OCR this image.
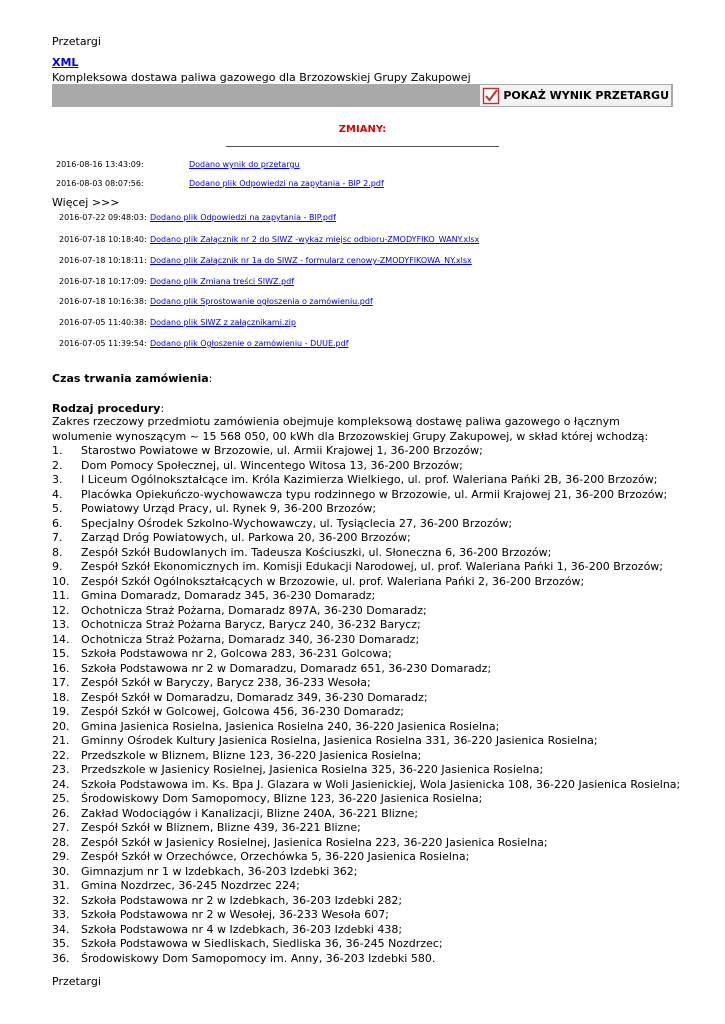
Przetargi
XML
Kompleksowa dostawa paliwa gazowego dla Brzozowskiej Grupy Zakupowej
POKAŻ WYNIK PRZETARGU
ZMIANY:
2016-08-16 13:43:09:	Dodano wynik do przetargu
2016-08-03 08:07:56:	Dodano plik Odpowiedzi na zapytania - BIP 2.pdf
Więcej >>>
2016-07-22 09:48:03: Dodano plik Odpowiedzi na zapytania - BIP.pdf
2016-07-18 10:18:40: Dodano plik Załącznik nr 2 do SIWZ -wykaz miejsc odbioru-ZMODYFIKO_WANY.xlsx
2016-07-18 10:18:11: Dodano plik Załącznik nr 1a do SIWZ - formularz cenowy-ZMODYFIKOWA_NY.xlsx
2016-07-18 10:17:09: Dodano plik Zmiana treści SIWZ.pdf
2016-07-18 10:16:38: Dodano plik Sprostowanie ogłoszenia o zamówieniu.pdf
2016-07-05 11:40:38: Dodano plik SIWZ z załącznikami.zip
2016-07-05 11:39:54: Dodano plik Ogłoszenie o zamówieniu - DUUE.pdf
Czas trwania zamówienia:
Rodzaj procedury:
Zakres rzeczowy przedmiotu zamówienia obejmuje kompleksową dostawę paliwa gazowego o łącznym wolumenie wynoszącym ~ 15 568 050, 00 kWh dla Brzozowskiej Grupy Zakupowej, w skład której wchodzą:
1. Starostwo Powiatowe w Brzozowie, ul. Armii Krajowej 1, 36-200 Brzozów;
2. Dom Pomocy Społecznej, ul. Wincentego Witosa 13, 36-200 Brzozów;
3. I Liceum Ogólnokształcące im. Króla Kazimierza Wielkiego, ul. prof. Waleriana Pańki 2B, 36-200 Brzozów;
4. Placówka Opiekuńczo-wychowawcza typu rodzinnego w Brzozowie, ul. Armii Krajowej 21, 36-200 Brzozów;
5. Powiatowy Urząd Pracy, ul. Rynek 9, 36-200 Brzozów;
6. Specjalny Ośrodek Szkolno-Wychowawczy, ul. Tysiąclecia 27, 36-200 Brzozów;
7. Zarząd Dróg Powiatowych, ul. Parkowa 20, 36-200 Brzozów;
8. Zespół Szkół Budowlanych im. Tadeusza Kościuszki, ul. Słoneczna 6, 36-200 Brzozów;
9. Zespół Szkół Ekonomicznych im. Komisji Edukacji Narodowej, ul. prof. Waleriana Pańki 1, 36-200 Brzozów;
10. Zespół Szkół Ogólnokształcących w Brzozowie, ul. prof. Waleriana Pańki 2, 36-200 Brzozów;
11. Gmina Domaradz, Domaradz 345, 36-230 Domaradz;
12. Ochotnicza Straż Pożarna, Domaradz 897A, 36-230 Domaradz;
13. Ochotnicza Straż Pożarna Barycz, Barycz 240, 36-232 Barycz;
14. Ochotnicza Straż Pożarna, Domaradz 340, 36-230 Domaradz;
15. Szkoła Podstawowa nr 2, Golcowa 283, 36-231 Golcowa;
16. Szkoła Podstawowa nr 2 w Domaradzu, Domaradz 651, 36-230 Domaradz;
17. Zespół Szkół w Baryczy, Barycz 238, 36-233 Wesoła;
18. Zespół Szkół w Domaradzu, Domaradz 349, 36-230 Domaradz;
19. Zespół Szkół w Golcowej, Golcowa 456, 36-230 Domaradz;
20. Gmina Jasienica Rosielna, Jasienica Rosielna 240, 36-220 Jasienica Rosielna;
21. Gminny Ośrodek Kultury Jasienica Rosielna, Jasienica Rosielna 331, 36-220 Jasienica Rosielna;
22. Przedszkole w Bliznem, Blizne 123, 36-220 Jasienica Rosielna;
23. Przedszkole w Jasienicy Rosielnej, Jasienica Rosielna 325, 36-220 Jasienica Rosielna;
24. Szkoła Podstawowa im. Ks. Bpa J. Glazara w Woli Jasienickiej, Wola Jasienicka 108, 36-220 Jasienica Rosielna;
25. Środowiskowy Dom Samopomocy, Blizne 123, 36-220 Jasienica Rosielna;
26. Zakład Wodociągów i Kanalizacji, Blizne 240A, 36-221 Blizne;
27. Zespół Szkół w Bliznem, Blizne 439, 36-221 Blizne;
28. Zespół Szkół w Jasienicy Rosielnej, Jasienica Rosielna 223, 36-220 Jasienica Rosielna;
29. Zespół Szkół w Orzechówce, Orzechówka 5, 36-220 Jasienica Rosielna;
30. Gimnazjum nr 1 w Izdebkach, 36-203 Izdebki 362;
31. Gmina Nozdrzec, 36-245 Nozdrzec 224;
32. Szkoła Podstawowa nr 2 w Izdebkach, 36-203 Izdebki 282;
33. Szkoła Podstawowa nr 2 w Wesołej, 36-233 Wesoła 607;
34. Szkoła Podstawowa nr 4 w Izdebkach, 36-203 Izdebki 438;
35. Szkoła Podstawowa w Siedliskach, Siedliska 36, 36-245 Nozdrzec;
36. Środowiskowy Dom Samopomocy im. Anny, 36-203 Izdebki 580.
Przetargi
